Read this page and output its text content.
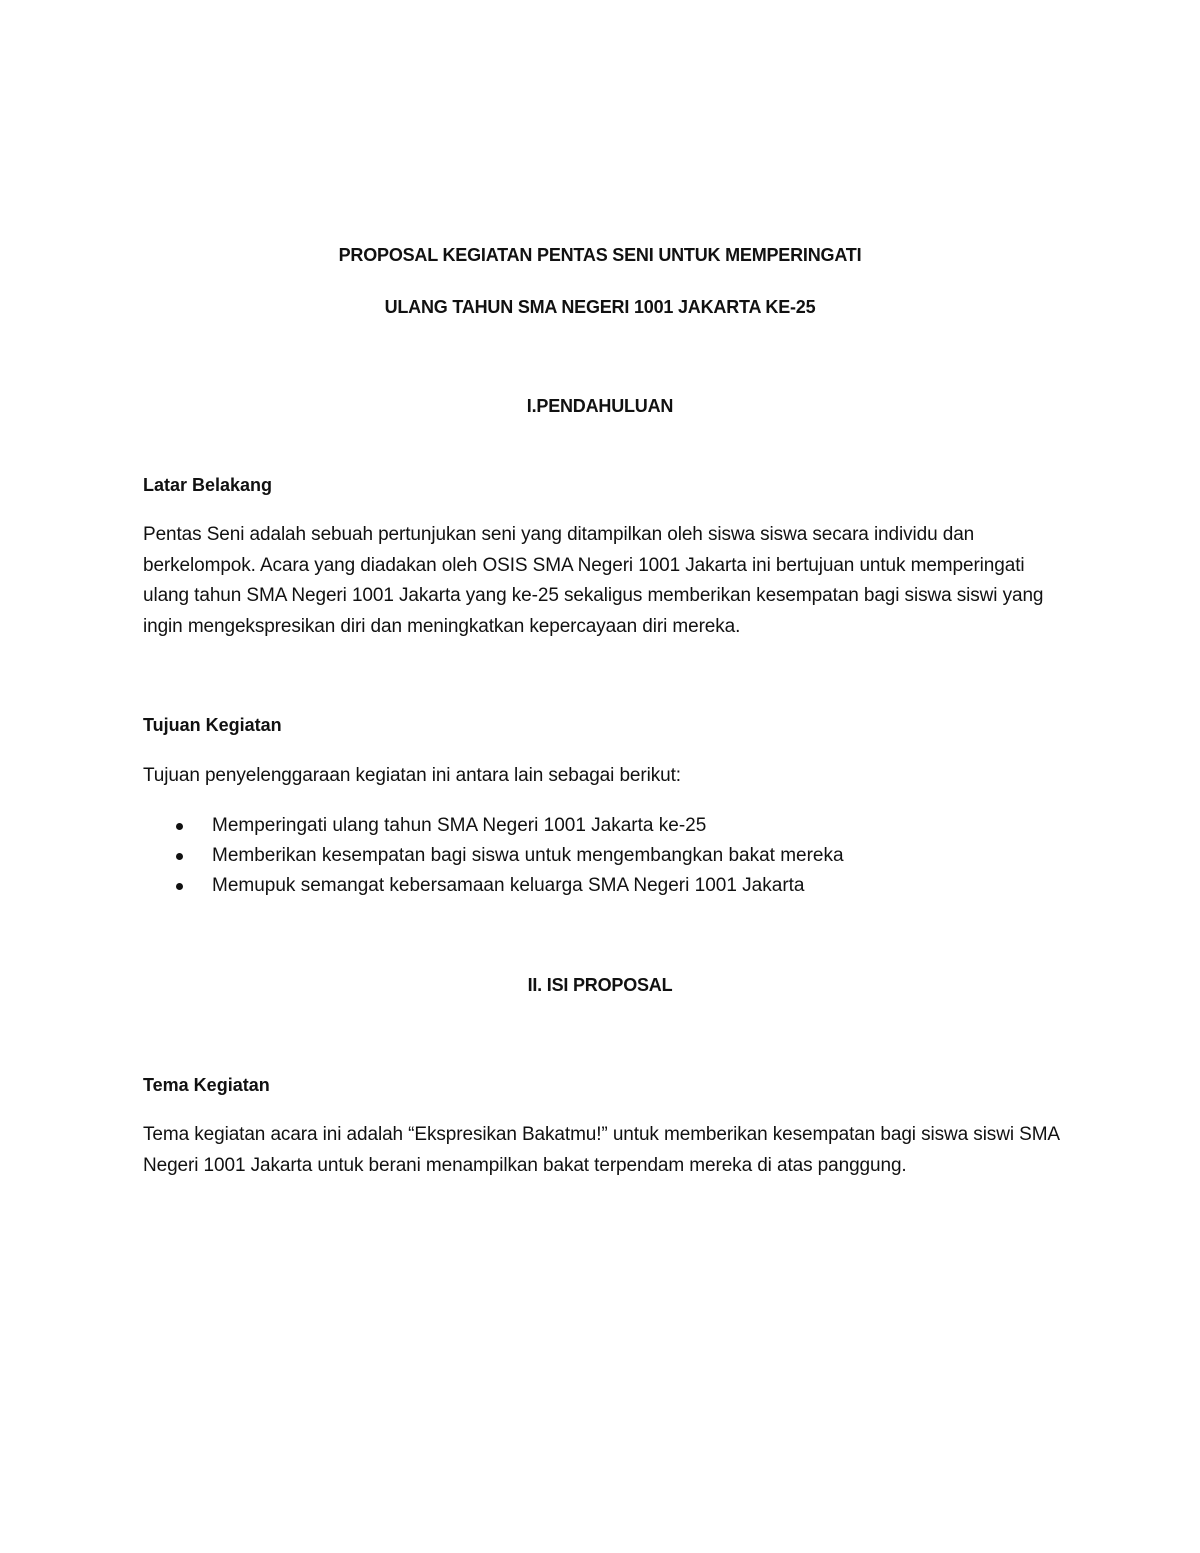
PROPOSAL KEGIATAN PENTAS SENI UNTUK MEMPERINGATI
ULANG TAHUN SMA NEGERI 1001 JAKARTA KE-25
I.PENDAHULUAN
Latar Belakang

Pentas Seni adalah sebuah pertunjukan seni yang ditampilkan oleh siswa siswa secara individu dan berkelompok. Acara yang diadakan oleh OSIS SMA Negeri 1001 Jakarta ini bertujuan untuk memperingati ulang tahun SMA Negeri 1001 Jakarta yang ke-25 sekaligus memberikan kesempatan bagi siswa siswi yang ingin mengekspresikan diri dan meningkatkan kepercayaan diri mereka.

Tujuan Kegiatan

Tujuan penyelenggaraan kegiatan ini antara lain sebagai berikut:

Memperingati ulang tahun SMA Negeri 1001 Jakarta ke-25
Memberikan kesempatan bagi siswa untuk mengembangkan bakat mereka
Memupuk semangat kebersamaan keluarga SMA Negeri 1001 Jakarta
II. ISI PROPOSAL
Tema Kegiatan

Tema kegiatan acara ini adalah “Ekspresikan Bakatmu!” untuk memberikan kesempatan bagi siswa siswi SMA Negeri 1001 Jakarta untuk berani menampilkan bakat terpendam mereka di atas panggung.
